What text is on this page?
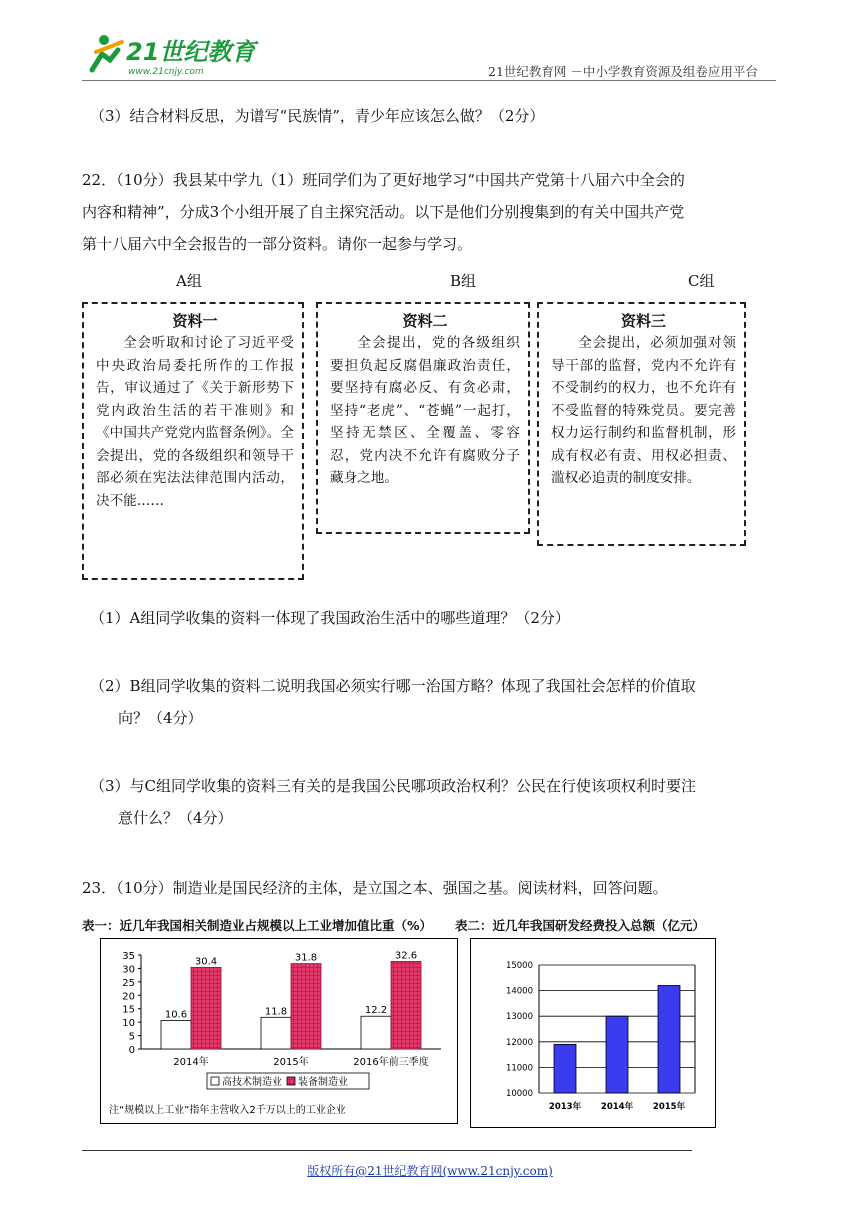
21世纪教育
www.21cnjy.com	21世纪教育网 －中小学教育资源及组卷应用平台
（3）结合材料反思，为谱写“民族情”，青少年应该怎么做？（2分）
22．（10分）我县某中学九（1）班同学们为了更好地学习“中国共产党第十八届六中全会的
内容和精神”，分成3个小组开展了自主探究活动。以下是他们分别搜集到的有关中国共产党
第十八届六中全会报告的一部分资料。请你一起参与学习。
A组	B组	C组
资料一

全会听取和讨论了习近平受中央政治局委托所作的工作报告，审议通过了《关于新形势下党内政治生活的若干准则》和《中国共产党党内监督条例》。全会提出，党的各级组织和领导干部必须在宪法法律范围内活动，决不能……

资料二

全会提出，党的各级组织要担负起反腐倡廉政治责任，要坚持有腐必反、有贪必肃，坚持“老虎”、“苍蝇”一起打，坚持无禁区、全覆盖、零容忍，党内决不允许有腐败分子藏身之地。

资料三

全会提出，必须加强对领导干部的监督，党内不允许有不受制约的权力，也不允许有不受监督的特殊党员。要完善权力运行制约和监督机制，形成有权必有责、用权必担责、滥权必追责的制度安排。

（1）A组同学收集的资料一体现了我国政治生活中的哪些道理？（2分）
（2）B组同学收集的资料二说明我国必须实行哪一治国方略？体现了我国社会怎样的价值取
向？（4分）
（3）与C组同学收集的资料三有关的是我国公民哪项政治权利？公民在行使该项权利时要注
意什么？（4分）
23．（10分）制造业是国民经济的主体，是立国之本、强国之基。阅读材料，回答问题。
表一：近几年我国相关制造业占规模以上工业增加值比重（%） 表二：近几年我国研发经费投入总额（亿元）
0
5
10
15
20
25
30
35
10.6
30.4
2014年
11.8
31.8
2015年
12.2
32.6
2016年前三季度
高技术制造业 装备制造业
注“规模以上工业”指年主营收入2千万以上的工业企业
10000
11000
12000
13000
14000
15000
2013年 2014年 2015年
版权所有@21世纪教育网(www.21cnjy.com)
